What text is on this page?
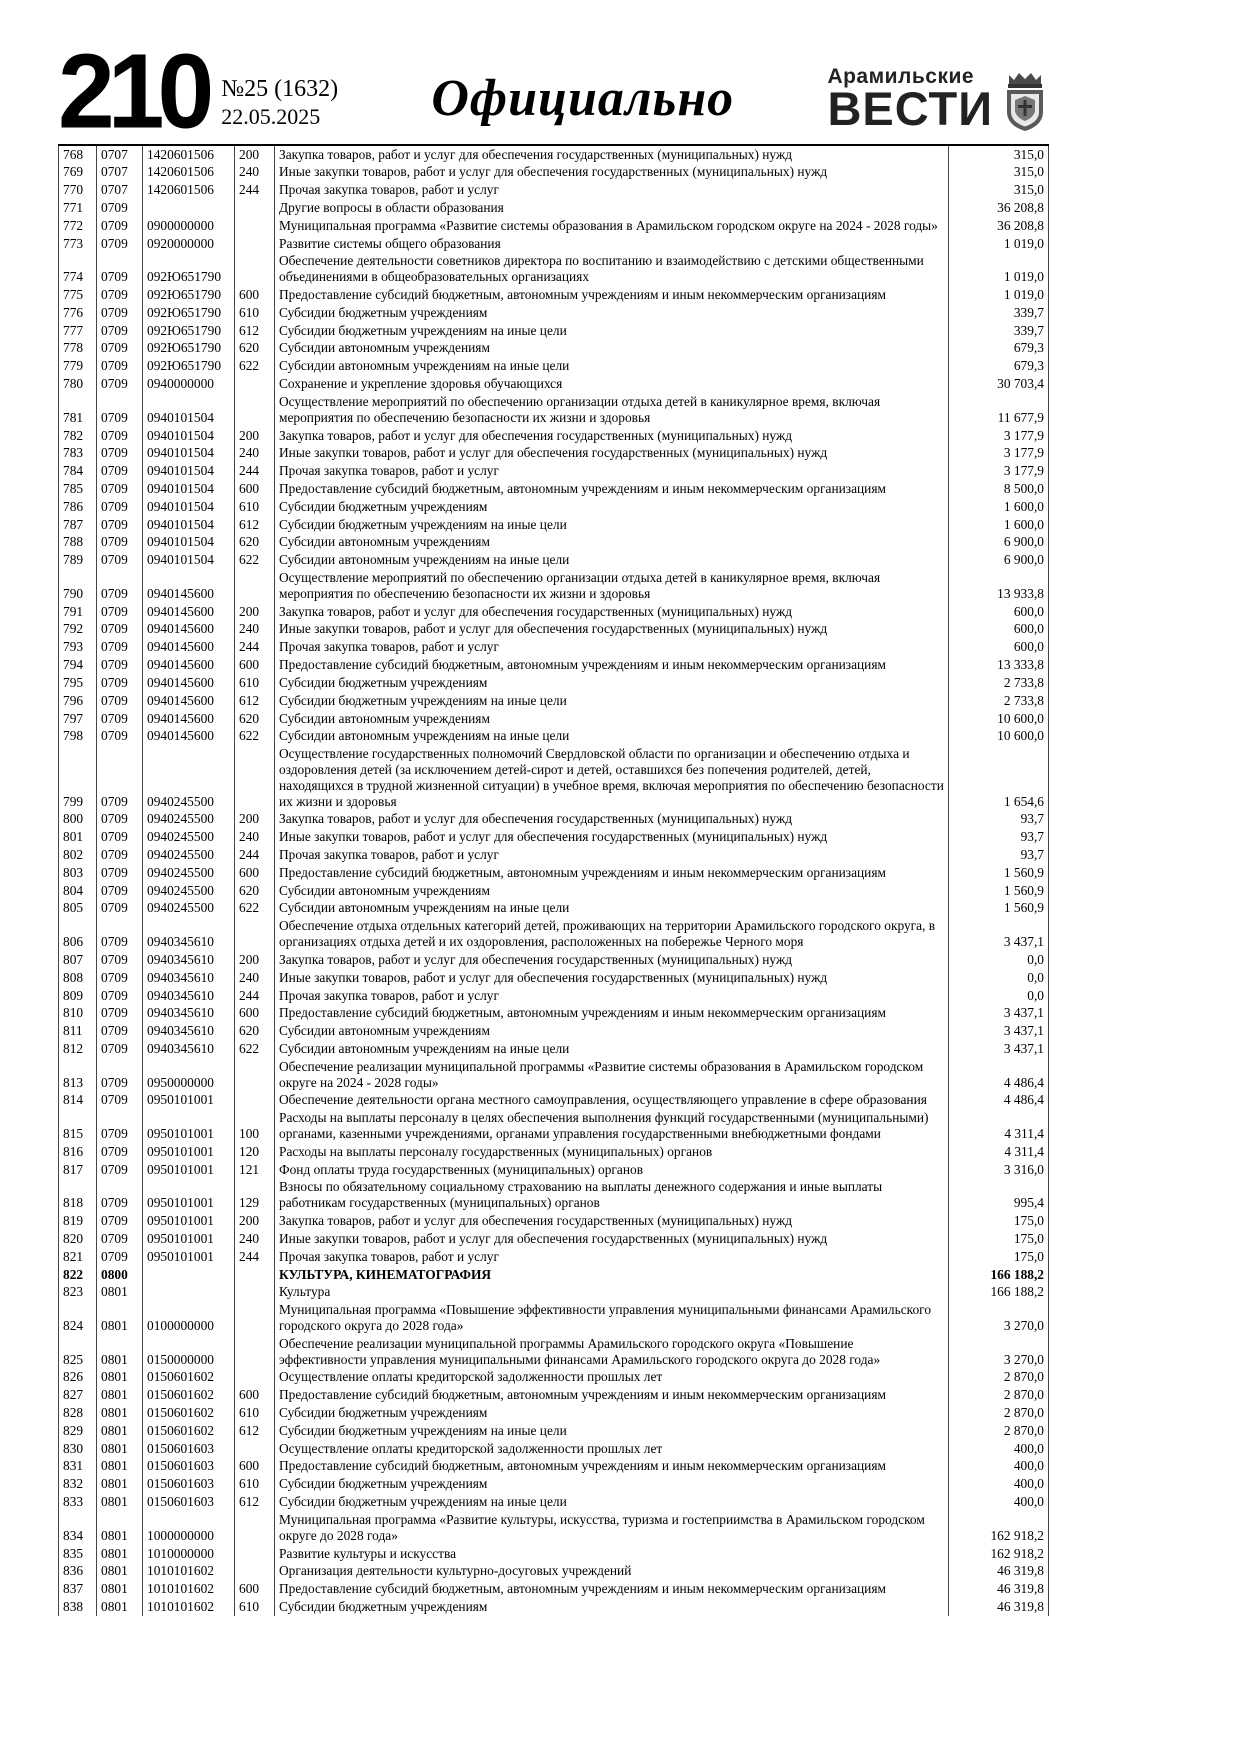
210 №25 (1632)
22.05.2025	Официально	Арамильские
ВЕСТИ
768	0707	1420601506	200	Закупка товаров, работ и услуг для обеспечения государственных (муниципальных) нужд	315,0
769	0707	1420601506	240	Иные закупки товаров, работ и услуг для обеспечения государственных (муниципальных) нужд	315,0
770	0707	1420601506	244	Прочая закупка товаров, работ и услуг	315,0
771	0709			Другие вопросы в области образования	36 208,8
772	0709	0900000000		Муниципальная программа «Развитие системы образования в Арамильском городском округе на 2024 - 2028 годы»	36 208,8
773	0709	0920000000		Развитие системы общего образования	1 019,0
774	0709	092Ю651790		Обеспечение деятельности советников директора по воспитанию и взаимодействию с детскими общественными объединениями в общеобразовательных организациях	1 019,0
775	0709	092Ю651790	600	Предоставление субсидий бюджетным, автономным учреждениям и иным некоммерческим организациям	1 019,0
776	0709	092Ю651790	610	Субсидии бюджетным учреждениям	339,7
777	0709	092Ю651790	612	Субсидии бюджетным учреждениям на иные цели	339,7
778	0709	092Ю651790	620	Субсидии автономным учреждениям	679,3
779	0709	092Ю651790	622	Субсидии автономным учреждениям на иные цели	679,3
780	0709	0940000000		Сохранение и укрепление здоровья обучающихся	30 703,4
781	0709	0940101504		Осуществление мероприятий по обеспечению организации отдыха детей в каникулярное время, включая мероприятия по обеспечению безопасности их жизни и здоровья	11 677,9
782	0709	0940101504	200	Закупка товаров, работ и услуг для обеспечения государственных (муниципальных) нужд	3 177,9
783	0709	0940101504	240	Иные закупки товаров, работ и услуг для обеспечения государственных (муниципальных) нужд	3 177,9
784	0709	0940101504	244	Прочая закупка товаров, работ и услуг	3 177,9
785	0709	0940101504	600	Предоставление субсидий бюджетным, автономным учреждениям и иным некоммерческим организациям	8 500,0
786	0709	0940101504	610	Субсидии бюджетным учреждениям	1 600,0
787	0709	0940101504	612	Субсидии бюджетным учреждениям на иные цели	1 600,0
788	0709	0940101504	620	Субсидии автономным учреждениям	6 900,0
789	0709	0940101504	622	Субсидии автономным учреждениям на иные цели	6 900,0
790	0709	0940145600		Осуществление мероприятий по обеспечению организации отдыха детей в каникулярное время, включая мероприятия по обеспечению безопасности их жизни и здоровья	13 933,8
791	0709	0940145600	200	Закупка товаров, работ и услуг для обеспечения государственных (муниципальных) нужд	600,0
792	0709	0940145600	240	Иные закупки товаров, работ и услуг для обеспечения государственных (муниципальных) нужд	600,0
793	0709	0940145600	244	Прочая закупка товаров, работ и услуг	600,0
794	0709	0940145600	600	Предоставление субсидий бюджетным, автономным учреждениям и иным некоммерческим организациям	13 333,8
795	0709	0940145600	610	Субсидии бюджетным учреждениям	2 733,8
796	0709	0940145600	612	Субсидии бюджетным учреждениям на иные цели	2 733,8
797	0709	0940145600	620	Субсидии автономным учреждениям	10 600,0
798	0709	0940145600	622	Субсидии автономным учреждениям на иные цели	10 600,0
799	0709	0940245500		Осуществление государственных полномочий Свердловской области по организации и обеспечению отдыха и оздоровления детей (за исключением детей-сирот и детей, оставшихся без попечения родителей, детей, находящихся в трудной жизненной ситуации) в учебное время, включая мероприятия по обеспечению безопасности их жизни и здоровья	1 654,6
800	0709	0940245500	200	Закупка товаров, работ и услуг для обеспечения государственных (муниципальных) нужд	93,7
801	0709	0940245500	240	Иные закупки товаров, работ и услуг для обеспечения государственных (муниципальных) нужд	93,7
802	0709	0940245500	244	Прочая закупка товаров, работ и услуг	93,7
803	0709	0940245500	600	Предоставление субсидий бюджетным, автономным учреждениям и иным некоммерческим организациям	1 560,9
804	0709	0940245500	620	Субсидии автономным учреждениям	1 560,9
805	0709	0940245500	622	Субсидии автономным учреждениям на иные цели	1 560,9
806	0709	0940345610		Обеспечение отдыха отдельных категорий детей, проживающих на территории Арамильского городского округа, в организациях отдыха детей и их оздоровления, расположенных на побережье Черного моря	3 437,1
807	0709	0940345610	200	Закупка товаров, работ и услуг для обеспечения государственных (муниципальных) нужд	0,0
808	0709	0940345610	240	Иные закупки товаров, работ и услуг для обеспечения государственных (муниципальных) нужд	0,0
809	0709	0940345610	244	Прочая закупка товаров, работ и услуг	0,0
810	0709	0940345610	600	Предоставление субсидий бюджетным, автономным учреждениям и иным некоммерческим организациям	3 437,1
811	0709	0940345610	620	Субсидии автономным учреждениям	3 437,1
812	0709	0940345610	622	Субсидии автономным учреждениям на иные цели	3 437,1
813	0709	0950000000		Обеспечение реализации муниципальной программы «Развитие системы образования в Арамильском городском округе на 2024 - 2028 годы»	4 486,4
814	0709	0950101001		Обеспечение деятельности органа местного самоуправления, осуществляющего управление в сфере образования	4 486,4
815	0709	0950101001	100	Расходы на выплаты персоналу в целях обеспечения выполнения функций государственными (муниципальными) органами, казенными учреждениями, органами управления государственными внебюджетными фондами	4 311,4
816	0709	0950101001	120	Расходы на выплаты персоналу государственных (муниципальных) органов	4 311,4
817	0709	0950101001	121	Фонд оплаты труда государственных (муниципальных) органов	3 316,0
818	0709	0950101001	129	Взносы по обязательному социальному страхованию на выплаты денежного содержания и иные выплаты работникам государственных (муниципальных) органов	995,4
819	0709	0950101001	200	Закупка товаров, работ и услуг для обеспечения государственных (муниципальных) нужд	175,0
820	0709	0950101001	240	Иные закупки товаров, работ и услуг для обеспечения государственных (муниципальных) нужд	175,0
821	0709	0950101001	244	Прочая закупка товаров, работ и услуг	175,0
822	0800			КУЛЬТУРА, КИНЕМАТОГРАФИЯ	166 188,2
823	0801			Культура	166 188,2
824	0801	0100000000		Муниципальная программа «Повышение эффективности управления муниципальными финансами Арамильского городского округа до 2028 года»	3 270,0
825	0801	0150000000		Обеспечение реализации муниципальной программы Арамильского городского округа «Повышение эффективности управления муниципальными финансами Арамильского городского округа до 2028 года»	3 270,0
826	0801	0150601602		Осуществление оплаты кредиторской задолженности прошлых лет	2 870,0
827	0801	0150601602	600	Предоставление субсидий бюджетным, автономным учреждениям и иным некоммерческим организациям	2 870,0
828	0801	0150601602	610	Субсидии бюджетным учреждениям	2 870,0
829	0801	0150601602	612	Субсидии бюджетным учреждениям на иные цели	2 870,0
830	0801	0150601603		Осуществление оплаты кредиторской задолженности прошлых лет	400,0
831	0801	0150601603	600	Предоставление субсидий бюджетным, автономным учреждениям и иным некоммерческим организациям	400,0
832	0801	0150601603	610	Субсидии бюджетным учреждениям	400,0
833	0801	0150601603	612	Субсидии бюджетным учреждениям на иные цели	400,0
834	0801	1000000000		Муниципальная программа «Развитие культуры, искусства, туризма и гостеприимства в Арамильском городском округе до 2028 года»	162 918,2
835	0801	1010000000		Развитие культуры и искусства	162 918,2
836	0801	1010101602		Организация деятельности культурно-досуговых учреждений	46 319,8
837	0801	1010101602	600	Предоставление субсидий бюджетным, автономным учреждениям и иным некоммерческим организациям	46 319,8
838	0801	1010101602	610	Субсидии бюджетным учреждениям	46 319,8
